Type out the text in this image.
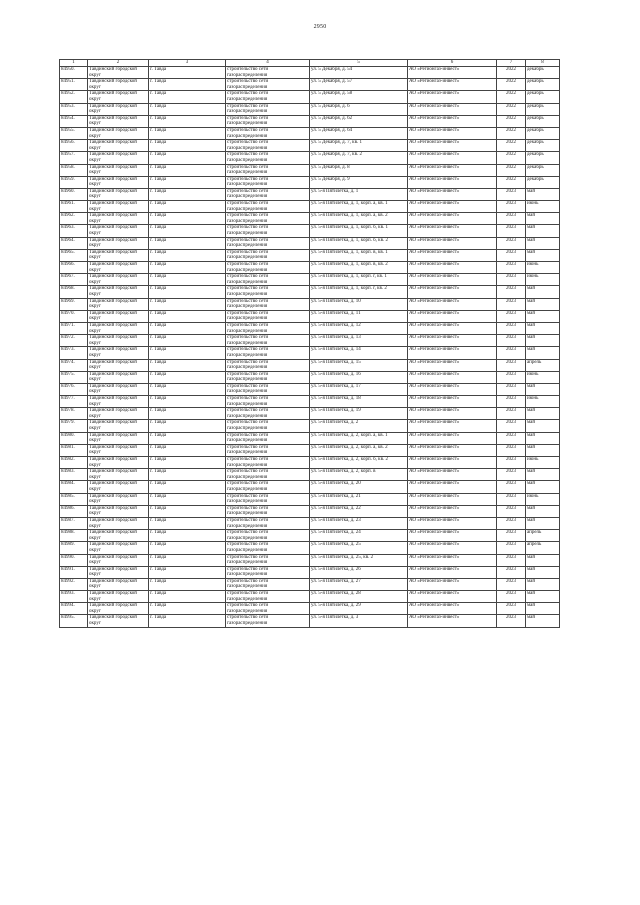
2950
1	2	3	4	5	6	7	8
84950.	Тавдинский городской округ	г. Тавда	строительство сети газораспределения	ул. 5 Декабря, д. 54	АО «Регионгаз-инвест»	2022	декабрь
84951.	Тавдинский городской округ	г. Тавда	строительство сети газораспределения	ул. 5 Декабря, д. 57	АО «Регионгаз-инвест»	2022	декабрь
84952.	Тавдинский городской округ	г. Тавда	строительство сети газораспределения	ул. 5 Декабря, д. 58	АО «Регионгаз-инвест»	2022	декабрь
84953.	Тавдинский городской округ	г. Тавда	строительство сети газораспределения	ул. 5 Декабря, д. 6	АО «Регионгаз-инвест»	2022	декабрь
84954.	Тавдинский городской округ	г. Тавда	строительство сети газораспределения	ул. 5 Декабря, д. 62	АО «Регионгаз-инвест»	2022	декабрь
84955.	Тавдинский городской округ	г. Тавда	строительство сети газораспределения	ул. 5 Декабря, д. 64	АО «Регионгаз-инвест»	2022	декабрь
84956.	Тавдинский городской округ	г. Тавда	строительство сети газораспределения	ул. 5 Декабря, д. 7, кв. 1	АО «Регионгаз-инвест»	2022	декабрь
84957.	Тавдинский городской округ	г. Тавда	строительство сети газораспределения	ул. 5 Декабря, д. 7, кв. 2	АО «Регионгаз-инвест»	2022	декабрь
84958.	Тавдинский городской округ	г. Тавда	строительство сети газораспределения	ул. 5 Декабря, д. 8	АО «Регионгаз-инвест»	2022	декабрь
84959.	Тавдинский городской округ	г. Тавда	строительство сети газораспределения	ул. 5 Декабря, д. 9	АО «Регионгаз-инвест»	2022	декабрь
84960.	Тавдинский городской округ	г. Тавда	строительство сети газораспределения	ул. 5-я Пятилетка, д. 1	АО «Регионгаз-инвест»	2023	май
84961.	Тавдинский городской округ	г. Тавда	строительство сети газораспределения	ул. 5-я Пятилетка, д. 1, корп. а, кв. 1	АО «Регионгаз-инвест»	2023	июнь
84962.	Тавдинский городской округ	г. Тавда	строительство сети газораспределения	ул. 5-я Пятилетка, д. 1, корп. а, кв. 2	АО «Регионгаз-инвест»	2023	май
84963.	Тавдинский городской округ	г. Тавда	строительство сети газораспределения	ул. 5-я Пятилетка, д. 1, корп. б, кв. 1	АО «Регионгаз-инвест»	2023	май
84964.	Тавдинский городской округ	г. Тавда	строительство сети газораспределения	ул. 5-я Пятилетка, д. 1, корп. б, кв. 2	АО «Регионгаз-инвест»	2023	май
84965.	Тавдинский городской округ	г. Тавда	строительство сети газораспределения	ул. 5-я Пятилетка, д. 1, корп. в, кв. 1	АО «Регионгаз-инвест»	2023	май
84966.	Тавдинский городской округ	г. Тавда	строительство сети газораспределения	ул. 5-я Пятилетка, д. 1, корп. в, кв. 2	АО «Регионгаз-инвест»	2023	июнь
84967.	Тавдинский городской округ	г. Тавда	строительство сети газораспределения	ул. 5-я Пятилетка, д. 1, корп. г, кв. 1	АО «Регионгаз-инвест»	2023	июнь
84968.	Тавдинский городской округ	г. Тавда	строительство сети газораспределения	ул. 5-я Пятилетка, д. 1, корп. г, кв. 2	АО «Регионгаз-инвест»	2023	май
84969.	Тавдинский городской округ	г. Тавда	строительство сети газораспределения	ул. 5-я Пятилетка, д. 10	АО «Регионгаз-инвест»	2023	май
84970.	Тавдинский городской округ	г. Тавда	строительство сети газораспределения	ул. 5-я Пятилетка, д. 11	АО «Регионгаз-инвест»	2023	май
84971.	Тавдинский городской округ	г. Тавда	строительство сети газораспределения	ул. 5-я Пятилетка, д. 12	АО «Регионгаз-инвест»	2023	май
84972.	Тавдинский городской округ	г. Тавда	строительство сети газораспределения	ул. 5-я Пятилетка, д. 13	АО «Регионгаз-инвест»	2023	май
84973.	Тавдинский городской округ	г. Тавда	строительство сети газораспределения	ул. 5-я Пятилетка, д. 14	АО «Регионгаз-инвест»	2023	май
84974.	Тавдинский городской округ	г. Тавда	строительство сети газораспределения	ул. 5-я Пятилетка, д. 15	АО «Регионгаз-инвест»	2023	апрель
84975.	Тавдинский городской округ	г. Тавда	строительство сети газораспределения	ул. 5-я Пятилетка, д. 16	АО «Регионгаз-инвест»	2023	июнь
84976.	Тавдинский городской округ	г. Тавда	строительство сети газораспределения	ул. 5-я Пятилетка, д. 17	АО «Регионгаз-инвест»	2023	май
84977.	Тавдинский городской округ	г. Тавда	строительство сети газораспределения	ул. 5-я Пятилетка, д. 18	АО «Регионгаз-инвест»	2023	июнь
84978.	Тавдинский городской округ	г. Тавда	строительство сети газораспределения	ул. 5-я Пятилетка, д. 19	АО «Регионгаз-инвест»	2023	май
84979.	Тавдинский городской округ	г. Тавда	строительство сети газораспределения	ул. 5-я Пятилетка, д. 2	АО «Регионгаз-инвест»	2023	май
84980.	Тавдинский городской округ	г. Тавда	строительство сети газораспределения	ул. 5-я Пятилетка, д. 2, корп. а, кв. 1	АО «Регионгаз-инвест»	2023	май
84981.	Тавдинский городской округ	г. Тавда	строительство сети газораспределения	ул. 5-я Пятилетка, д. 2, корп. а, кв. 2	АО «Регионгаз-инвест»	2023	май
84982.	Тавдинский городской округ	г. Тавда	строительство сети газораспределения	ул. 5-я Пятилетка, д. 2, корп. б, кв. 2	АО «Регионгаз-инвест»	2023	июнь
84983.	Тавдинский городской округ	г. Тавда	строительство сети газораспределения	ул. 5-я Пятилетка, д. 2, корп. в	АО «Регионгаз-инвест»	2023	май
84984.	Тавдинский городской округ	г. Тавда	строительство сети газораспределения	ул. 5-я Пятилетка, д. 20	АО «Регионгаз-инвест»	2023	май
84985.	Тавдинский городской округ	г. Тавда	строительство сети газораспределения	ул. 5-я Пятилетка, д. 21	АО «Регионгаз-инвест»	2023	июнь
84986.	Тавдинский городской округ	г. Тавда	строительство сети газораспределения	ул. 5-я Пятилетка, д. 22	АО «Регионгаз-инвест»	2023	май
84987.	Тавдинский городской округ	г. Тавда	строительство сети газораспределения	ул. 5-я Пятилетка, д. 23	АО «Регионгаз-инвест»	2023	май
84988.	Тавдинский городской округ	г. Тавда	строительство сети газораспределения	ул. 5-я Пятилетка, д. 24	АО «Регионгаз-инвест»	2023	апрель
84989.	Тавдинский городской округ	г. Тавда	строительство сети газораспределения	ул. 5-я Пятилетка, д. 25	АО «Регионгаз-инвест»	2023	апрель
84990.	Тавдинский городской округ	г. Тавда	строительство сети газораспределения	ул. 5-я Пятилетка, д. 25, кв. 2	АО «Регионгаз-инвест»	2023	май
84991.	Тавдинский городской округ	г. Тавда	строительство сети газораспределения	ул. 5-я Пятилетка, д. 26	АО «Регионгаз-инвест»	2023	май
84992.	Тавдинский городской округ	г. Тавда	строительство сети газораспределения	ул. 5-я Пятилетка, д. 27	АО «Регионгаз-инвест»	2023	май
84993.	Тавдинский городской округ	г. Тавда	строительство сети газораспределения	ул. 5-я Пятилетка, д. 28	АО «Регионгаз-инвест»	2023	май
84994.	Тавдинский городской округ	г. Тавда	строительство сети газораспределения	ул. 5-я Пятилетка, д. 29	АО «Регионгаз-инвест»	2023	май
84995.	Тавдинский городской округ	г. Тавда	строительство сети газораспределения	ул. 5-я Пятилетка, д. 3	АО «Регионгаз-инвест»	2023	май
